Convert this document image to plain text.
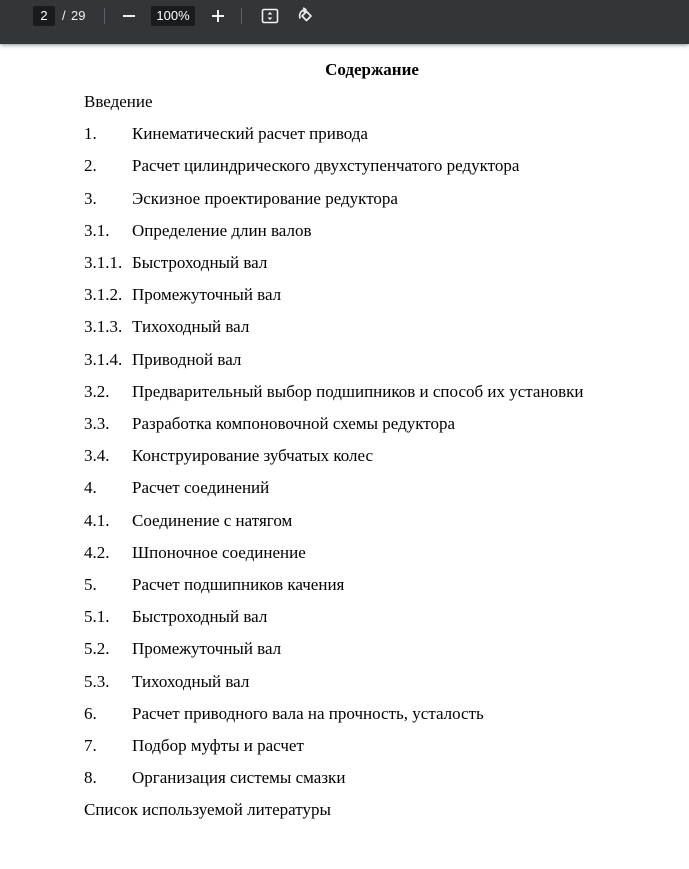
2	/ 29	100%
Содержание
Введение
1. Кинематический расчет привода
2. Расчет цилиндрического двухступенчатого редуктора
3. Эскизное проектирование редуктора
3.1. Определение длин валов
3.1.1. Быстроходный вал
3.1.2. Промежуточный вал
3.1.3. Тихоходный вал
3.1.4. Приводной вал
3.2. Предварительный выбор подшипников и способ их установки
3.3. Разработка компоновочной схемы редуктора
3.4. Конструирование зубчатых колес
4. Расчет соединений
4.1. Соединение с натягом
4.2. Шпоночное соединение
5. Расчет подшипников качения
5.1. Быстроходный вал
5.2. Промежуточный вал
5.3. Тихоходный вал
6. Расчет приводного вала на прочность, усталость
7. Подбор муфты и расчет
8. Организация системы смазки
Список используемой литературы
